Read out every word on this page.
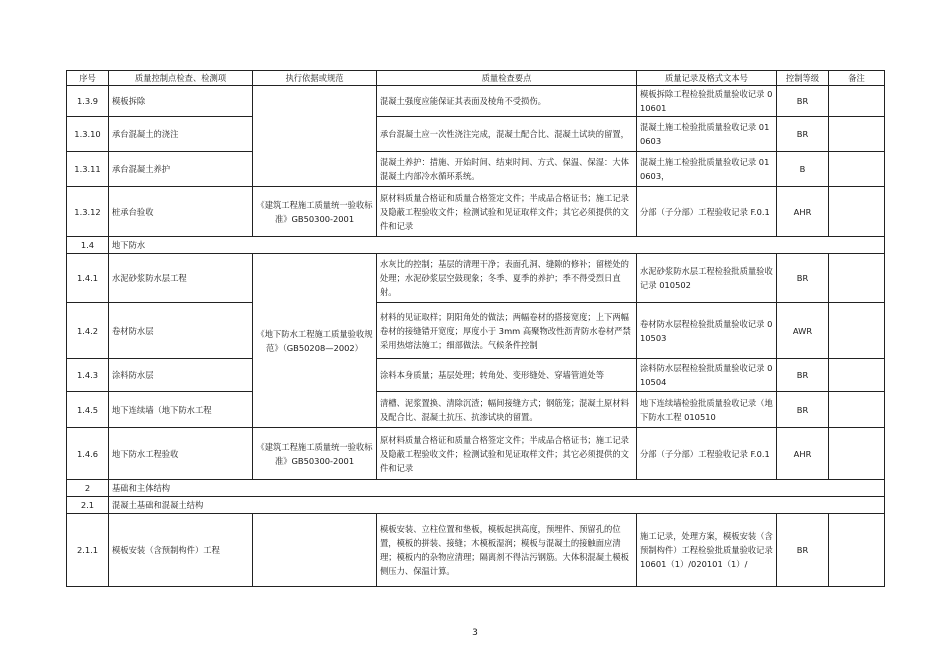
序号	质量控制点检查、检测项	执行依据或规范	质量检查要点	质量记录及格式文本号	控制等级	备注
1.3.9	模板拆除		混凝土强度应能保证其表面及棱角不受损伤。	模板拆除工程检验批质量验收记录 010601	BR	
1.3.10	承台混凝土的浇注		承台混凝土应一次性浇注完成，混凝土配合比、混凝土试块的留置，	混凝土施工检验批质量验收记录 010603	BR	
1.3.11	承台混凝土养护		混凝土养护：措施、开始时间、结束时间、方式、保温、保湿：大体混凝土内部冷水循环系统。	混凝土施工检验批质量验收记录 010603，	B	
1.3.12	桩承台验收	《建筑工程施工质量统一验收标准》GB50300-2001	原材料质量合格证和质量合格签定文件；半成品合格证书；施工记录及隐蔽工程验收文件；检测试验和见证取样文件；其它必须提供的文件和记录	分部（子分部）工程验收记录 F.0.1	AHR	
1.4	地下防水					
1.4.1	水泥砂浆防水层工程	《地下防水工程施工质量验收规范》（GB50208—2002）	水灰比的控制；基层的清理干净；表面孔洞、缝隙的修补；留槎处的处理；水泥砂浆层空鼓现象；冬季、夏季的养护；季不得受烈日直射。	水泥砂浆防水层工程检验批质量验收记录 010502	BR	
1.4.2	卷材防水层		材料的见证取样；阴阳角处的做法；两幅卷材的搭接宽度；上下两幅卷材的接缝错开宽度；厚度小于 3mm 高聚物改性沥青防水卷材严禁采用热熔法施工；细部做法。气候条件控制	卷材防水层程检验批质量验收记录 010503	AWR	
1.4.3	涂料防水层		涂料本身质量；基层处理；转角处、变形缝处、穿墙管道处等	涂料防水层程检验批质量验收记录 010504	BR	
1.4.5	地下连续墙（地下防水工程		清槽、泥浆置换、清除沉渣；幅间接缝方式；钢筋笼；混凝土原材料及配合比、混凝土抗压、抗渗试块的留置。	地下连续墙检验批质量验收记录（地下防水工程 010510	BR	
1.4.6	地下防水工程验收	《建筑工程施工质量统一验收标准》GB50300-2001	原材料质量合格证和质量合格签定文件；半成品合格证书；施工记录及隐蔽工程验收文件；检测试验和见证取样文件；其它必须提供的文件和记录	分部（子分部）工程验收记录 F.0.1	AHR	
2	基础和主体结构					
2.1	混凝土基础和混凝土结构					
2.1.1	模板安装（含预制构件）工程		模板安装、立柱位置和垫板，模板起拱高度，预埋件、预留孔的位置，模板的拼装、接缝；木模板湿润；模板与混凝土的接触面应清理；模板内的杂物应清理；隔离剂不得沾污钢筋。大体积混凝土模板侧压力、保温计算。	施工记录，处理方案，模板安装（含预制构件）工程检验批质量验收记录 10601（1）/020101（1）/	BR	
3
